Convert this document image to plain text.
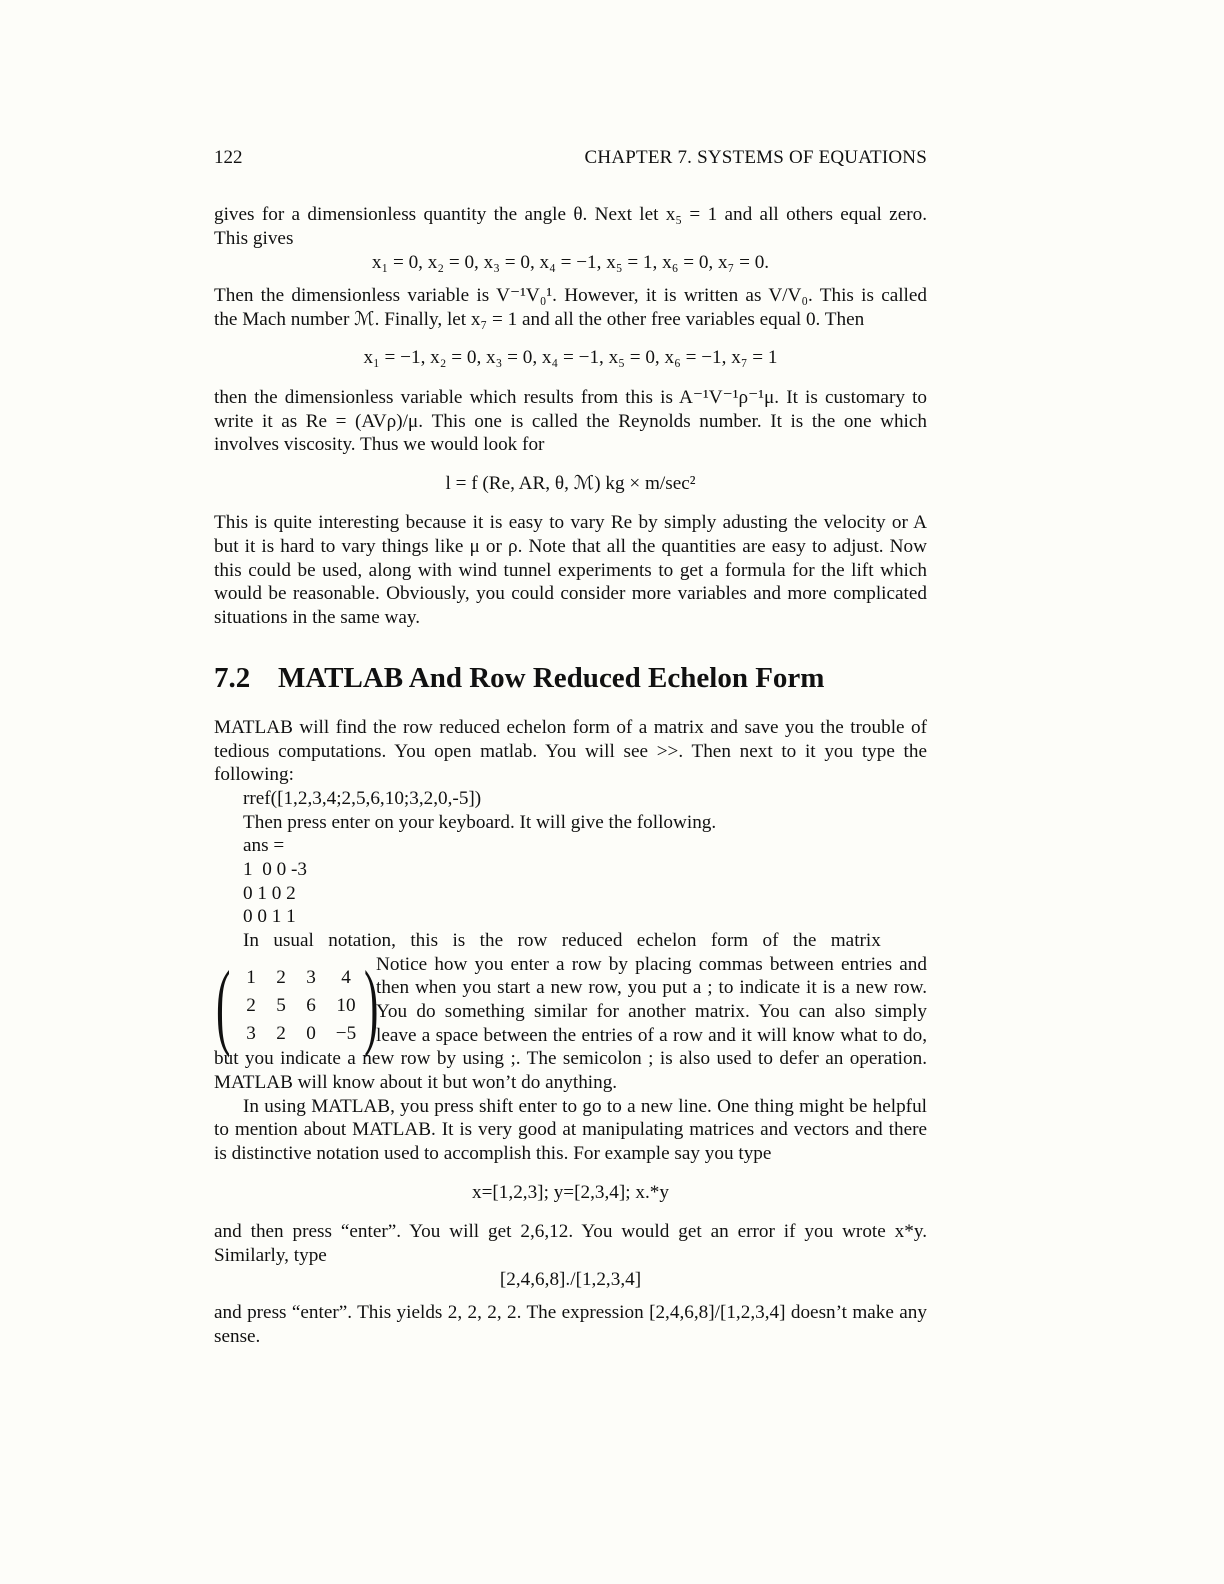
122	CHAPTER 7. SYSTEMS OF EQUATIONS
gives for a dimensionless quantity the angle θ. Next let x₅ = 1 and all others equal zero.
This gives
x₁ = 0, x₂ = 0, x₃ = 0, x₄ = −1, x₅ = 1, x₆ = 0, x₇ = 0.
Then the dimensionless variable is V⁻¹V₀¹. However, it is written as V/V₀. This is called
the Mach number ℳ. Finally, let x₇ = 1 and all the other free variables equal 0. Then
x₁ = −1, x₂ = 0, x₃ = 0, x₄ = −1, x₅ = 0, x₆ = −1, x₇ = 1
then the dimensionless variable which results from this is A⁻¹V⁻¹ρ⁻¹μ. It is customary to
write it as Re = (AVρ)/μ. This one is called the Reynolds number. It is the one which
involves viscosity. Thus we would look for
l = f (Re, AR, θ, ℳ) kg × m/sec²
This is quite interesting because it is easy to vary Re by simply adusting the velocity or A
but it is hard to vary things like μ or ρ. Note that all the quantities are easy to adjust. Now
this could be used, along with wind tunnel experiments to get a formula for the lift which
would be reasonable. Obviously, you could consider more variables and more complicated
situations in the same way.
7.2 MATLAB And Row Reduced Echelon Form
MATLAB will find the row reduced echelon form of a matrix and save you the trouble of
tedious computations. You open matlab. You will see >>. Then next to it you type the
following:
rref([1,2,3,4;2,5,6,10;3,2,0,-5])
Then press enter on your keyboard. It will give the following.
ans =
1  0 0 -3
0 1 0 2
0 0 1 1
In   usual   notation,   this   is   the   row   reduced   echelon   form   of   the   matrix
( 1	2	3	4
2	5	6	10
3	2	0	−5 )
Notice how you enter a row by placing commas between entries and
then when you start a new row, you put a ; to indicate it is a new row.
You do something similar for another matrix. You can also simply
leave a space between the entries of a row and it will know what to do,
but you indicate a new row by using ;. The semicolon ; is also used to defer an operation.
MATLAB will know about it but won’t do anything.
In using MATLAB, you press shift enter to go to a new line. One thing might be helpful
to mention about MATLAB. It is very good at manipulating matrices and vectors and there
is distinctive notation used to accomplish this. For example say you type
x=[1,2,3]; y=[2,3,4]; x.*y
and then press “enter”. You will get 2,6,12. You would get an error if you wrote x*y.
Similarly, type
[2,4,6,8]./[1,2,3,4]
and press “enter”. This yields 2, 2, 2, 2. The expression [2,4,6,8]/[1,2,3,4] doesn’t make any
sense.
